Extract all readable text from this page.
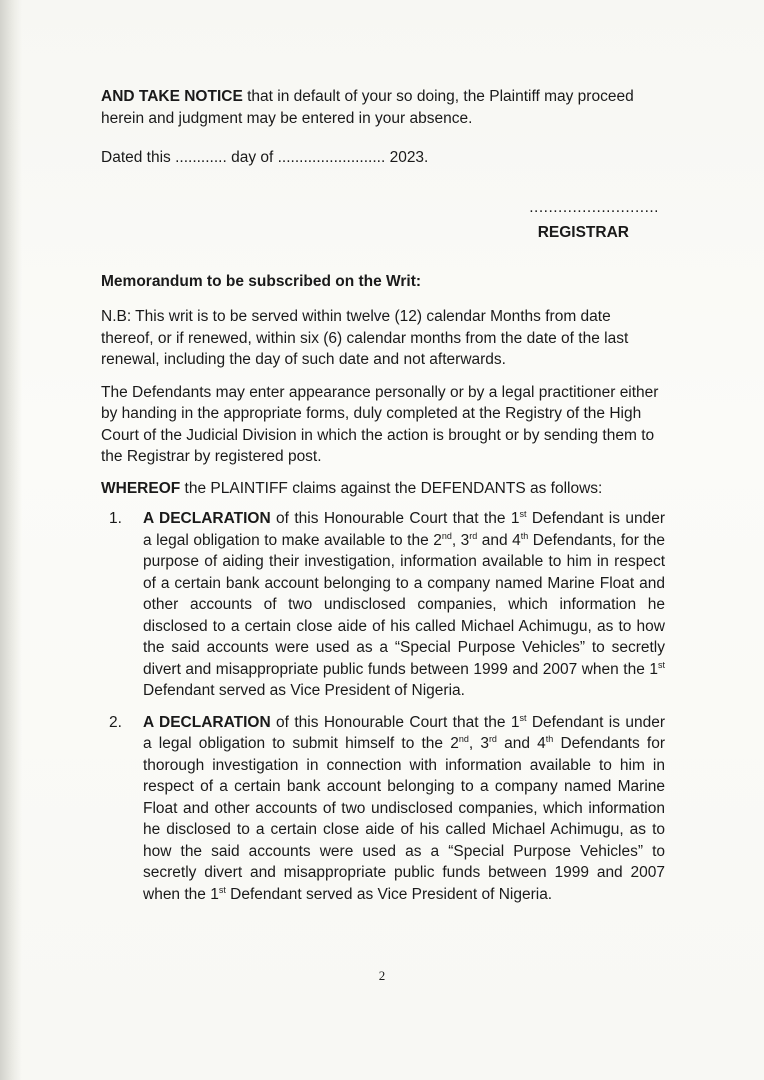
AND TAKE NOTICE that in default of your so doing, the Plaintiff may proceed herein and judgment may be entered in your absence.

Dated this ............ day of ......................... 2023.

...........................
REGISTRAR

Memorandum to be subscribed on the Writ:

N.B: This writ is to be served within twelve (12) calendar Months from date thereof, or if renewed, within six (6) calendar months from the date of the last renewal, including the day of such date and not afterwards.

The Defendants may enter appearance personally or by a legal practitioner either by handing in the appropriate forms, duly completed at the Registry of the High Court of the Judicial Division in which the action is brought or by sending them to the Registrar by registered post.

WHEREOF the PLAINTIFF claims against the DEFENDANTS as follows:

1.	A DECLARATION of this Honourable Court that the 1st Defendant is under a legal obligation to make available to the 2nd, 3rd and 4th Defendants, for the purpose of aiding their investigation, information available to him in respect of a certain bank account belonging to a company named Marine Float and other accounts of two undisclosed companies, which information he disclosed to a certain close aide of his called Michael Achimugu, as to how the said accounts were used as a “Special Purpose Vehicles” to secretly divert and misappropriate public funds between 1999 and 2007 when the 1st Defendant served as Vice President of Nigeria.
2.	A DECLARATION of this Honourable Court that the 1st Defendant is under a legal obligation to submit himself to the 2nd, 3rd and 4th Defendants for thorough investigation in connection with information available to him in respect of a certain bank account belonging to a company named Marine Float and other accounts of two undisclosed companies, which information he disclosed to a certain close aide of his called Michael Achimugu, as to how the said accounts were used as a “Special Purpose Vehicles” to secretly divert and misappropriate public funds between 1999 and 2007 when the 1st Defendant served as Vice President of Nigeria.
2
